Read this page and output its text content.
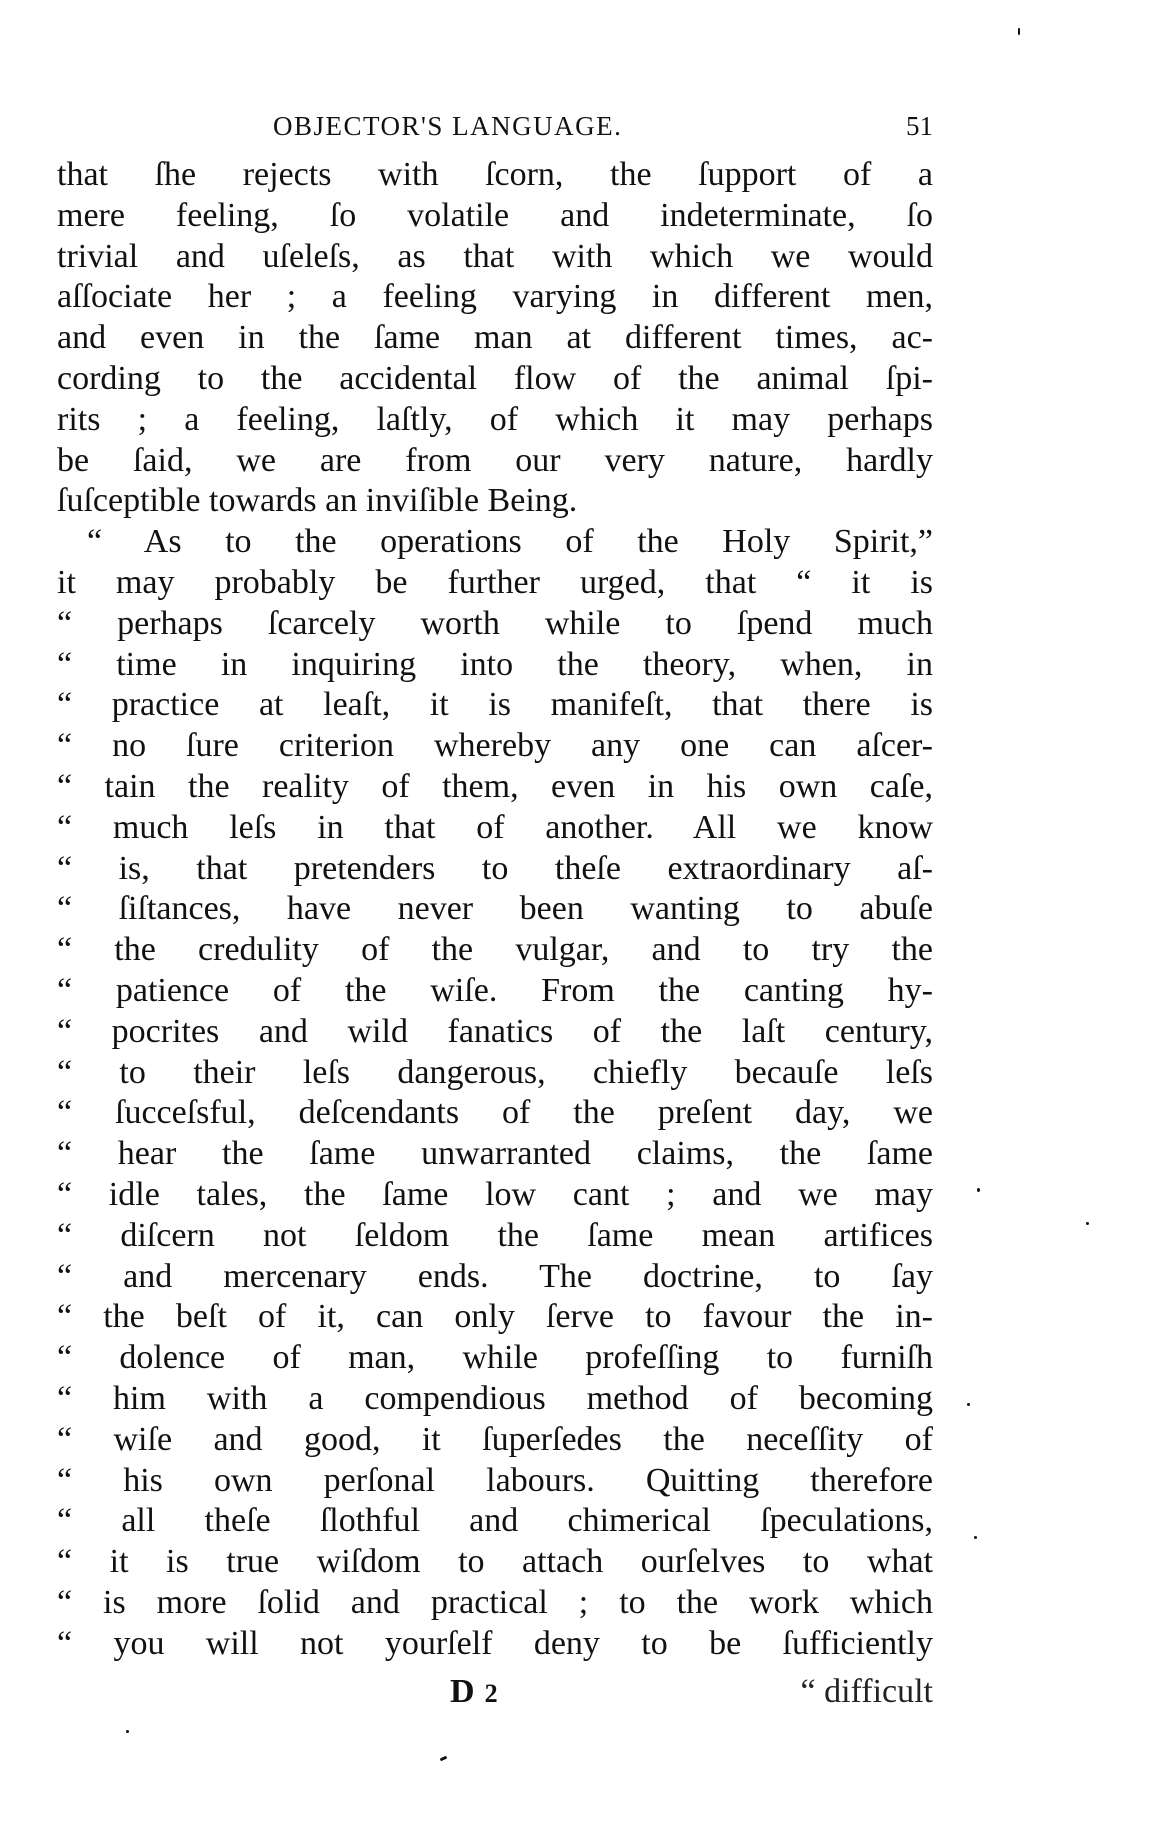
OBJECTOR'S LANGUAGE.	51
that ſhe rejects with ſcorn, the ſupport of a
mere feeling, ſo volatile and indeterminate, ſo
trivial and uſeleſs, as that with which we would
aſſociate her ; a feeling varying in different men,
and even in the ſame man at different times, ac-
cording to the accidental flow of the animal ſpi-
rits ; a feeling, laſtly, of which it may perhaps
be ſaid, we are from our very nature, hardly
ſuſceptible towards an inviſible Being.
“ As to the operations of the Holy Spirit,”
it may probably be further urged, that “ it is
“ perhaps ſcarcely worth while to ſpend much
“ time in inquiring into the theory, when, in
“ practice at leaſt, it is manifeſt, that there is
“ no ſure criterion whereby any one can aſcer-
“ tain the reality of them, even in his own caſe,
“ much leſs in that of another. All we know
“ is, that pretenders to theſe extraordinary aſ-
“ ſiſtances, have never been wanting to abuſe
“ the credulity of the vulgar, and to try the
“ patience of the wiſe. From the canting hy-
“ pocrites and wild fanatics of the laſt century,
“ to their leſs dangerous, chiefly becauſe leſs
“ ſucceſsful, deſcendants of the preſent day, we
“ hear the ſame unwarranted claims, the ſame
“ idle tales, the ſame low cant ; and we may
“ diſcern not ſeldom the ſame mean artifices
“ and mercenary ends. The doctrine, to ſay
“ the beſt of it, can only ſerve to favour the in-
“ dolence of man, while profeſſing to furniſh
“ him with a compendious method of becoming
“ wiſe and good, it ſuperſedes the neceſſity of
“ his own perſonal labours. Quitting therefore
“ all theſe ſlothful and chimerical ſpeculations,
“ it is true wiſdom to attach ourſelves to what
“ is more ſolid and practical ; to the work which
“ you will not yourſelf deny to be ſufficiently
D 2	“ difficult
